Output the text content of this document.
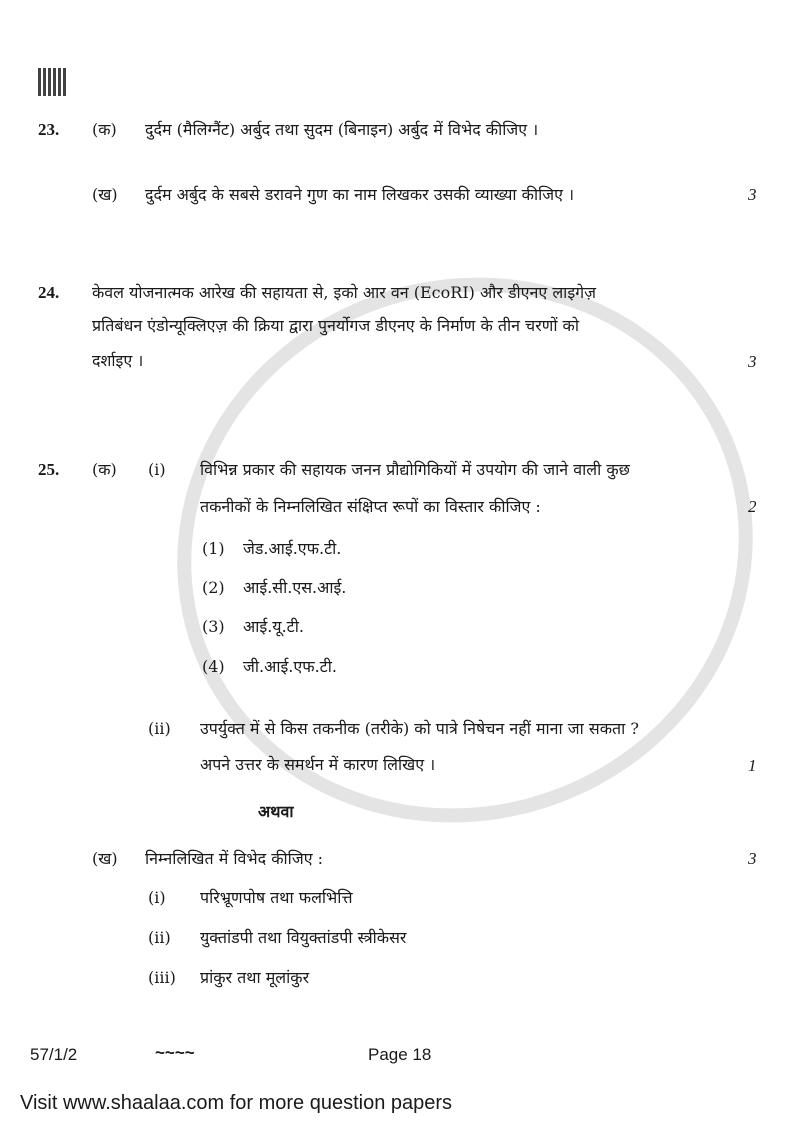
23. (क) दुर्दम (मैलिग्नैंट) अर्बुद तथा सुदम (बिनाइन) अर्बुद में विभेद कीजिए ।
(ख) दुर्दम अर्बुद के सबसे डरावने गुण का नाम लिखकर उसकी व्याख्या कीजिए ।	3
24. केवल योजनात्मक आरेख की सहायता से, इको आर वन (EcoRI) और डीएनए लाइगेज़
प्रतिबंधन एंडोन्यूक्लिएज़ की क्रिया द्वारा पुनर्योगज डीएनए के निर्माण के तीन चरणों को
दर्शाइए ।	3
25. (क) (i) विभिन्न प्रकार की सहायक जनन प्रौद्योगिकियों में उपयोग की जाने वाली कुछ
तकनीकों के निम्नलिखित संक्षिप्त रूपों का विस्तार कीजिए :	2
(1) जेड.आई.एफ.टी.
(2) आई.सी.एस.आई.
(3) आई.यू.टी.
(4) जी.आई.एफ.टी.
(ii) उपर्युक्त में से किस तकनीक (तरीके) को पात्रे निषेचन नहीं माना जा सकता ?
अपने उत्तर के समर्थन में कारण लिखिए ।	1
अथवा
(ख) निम्नलिखित में विभेद कीजिए :	3
(i) परिभ्रूणपोष तथा फलभित्ति
(ii) युक्तांडपी तथा वियुक्तांडपी स्त्रीकेसर
(iii) प्रांकुर तथा मूलांकुर
57/1/2	~~~~	Page 18
Visit www.shaalaa.com for more question papers
